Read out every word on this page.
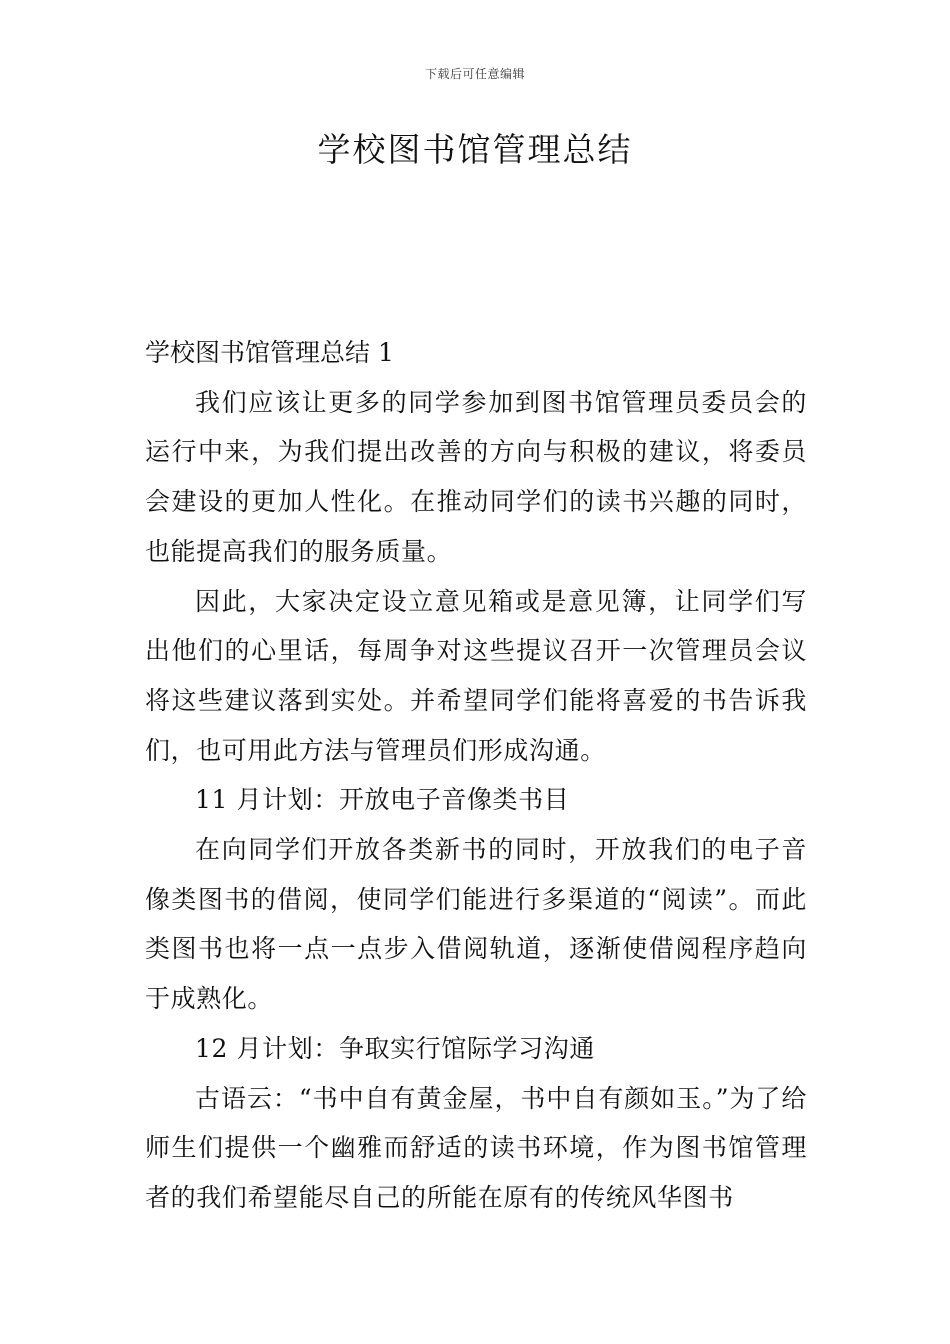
下载后可任意编辑
学校图书馆管理总结

学校图书馆管理总结 1

我们应该让更多的同学参加到图书馆管理员委员会的运行中来，为我们提出改善的方向与积极的建议，将委员会建设的更加人性化。在推动同学们的读书兴趣的同时，也能提高我们的服务质量。

因此，大家决定设立意见箱或是意见簿，让同学们写出他们的心里话，每周争对这些提议召开一次管理员会议将这些建议落到实处。并希望同学们能将喜爱的书告诉我们，也可用此方法与管理员们形成沟通。

11 月计划：开放电子音像类书目

在向同学们开放各类新书的同时，开放我们的电子音像类图书的借阅，使同学们能进行多渠道的“阅读”。而此类图书也将一点一点步入借阅轨道，逐渐使借阅程序趋向于成熟化。

12 月计划：争取实行馆际学习沟通

古语云：“书中自有黄金屋，书中自有颜如玉。”为了给师生们提供一个幽雅而舒适的读书环境，作为图书馆管理者的我们希望能尽自己的所能在原有的传统风华图书
